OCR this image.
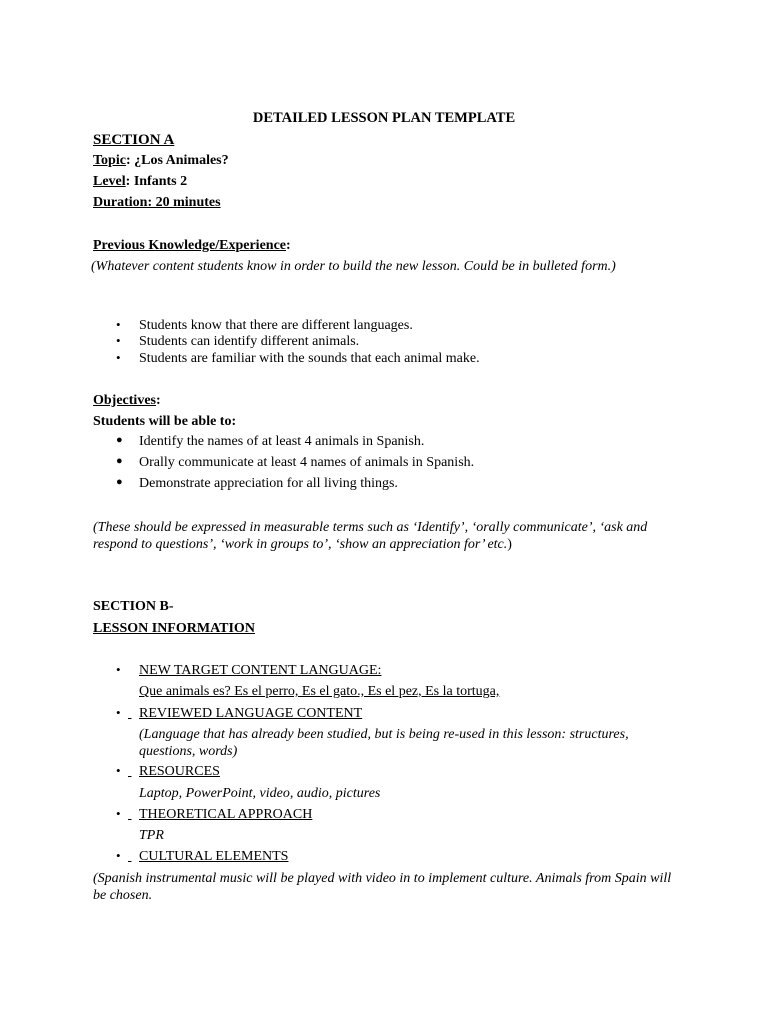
DETAILED LESSON PLAN TEMPLATE
SECTION A
Topic: ¿Los Animales?
Level: Infants 2
Duration: 20 minutes
Previous Knowledge/Experience:
(Whatever content students know in order to build the new lesson. Could be in bulleted form.)
• Students know that there are different languages.
• Students can identify different animals.
• Students are familiar with the sounds that each animal make.
Objectives:
Students will be able to:
● Identify the names of at least 4 animals in Spanish.
● Orally communicate at least 4 names of animals in Spanish.
● Demonstrate appreciation for all living things.
(These should be expressed in measurable terms such as ‘Identify’, ‘orally communicate’, ‘ask and respond to questions’, ‘work in groups to’, ‘show an appreciation for’ etc.)
SECTION B-
LESSON INFORMATION
• NEW TARGET CONTENT LANGUAGE:
Que animals es? Es el perro, Es el gato., Es el pez, Es la tortuga,
•
REVIEWED LANGUAGE CONTENT
(Language that has already been studied, but is being re-used in this lesson: structures, questions, words)
•
RESOURCES
Laptop, PowerPoint, video, audio, pictures
•
THEORETICAL APPROACH
TPR
•
CULTURAL ELEMENTS
(Spanish instrumental music will be played with video in to implement culture. Animals from Spain will be chosen.
